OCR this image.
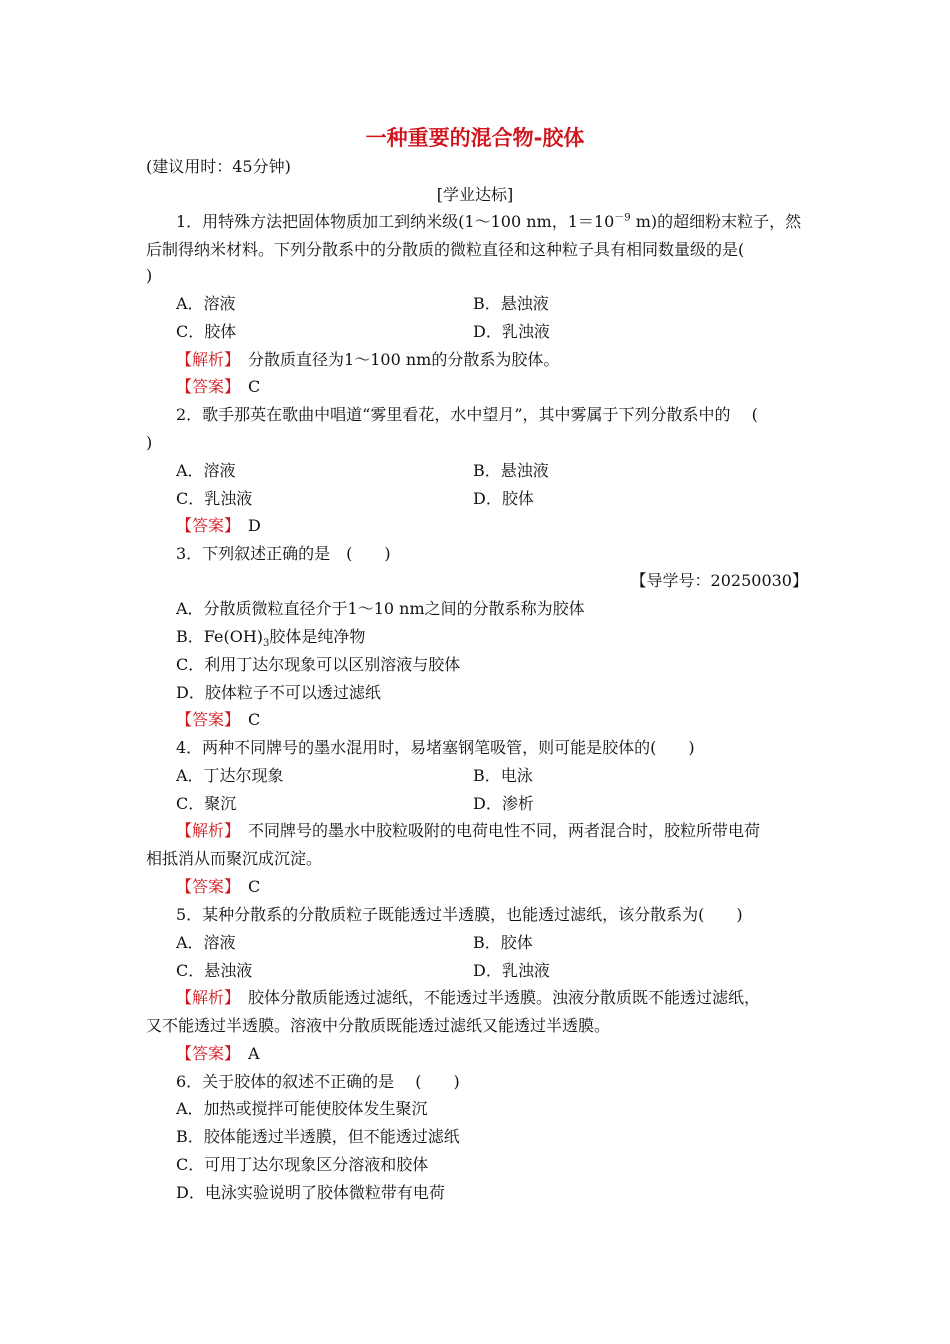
一种重要的混合物-胶体
(建议用时：45分钟)
[学业达标]
1．用特殊方法把固体物质加工到纳米级(1～100 nm，$1=10^{-9}$ m)的超细粉末粒子，然
后制得纳米材料。下列分散系中的分散质的微粒直径和这种粒子具有相同数量级的是(
)
A．溶液	B．悬浊液
C．胶体	D．乳浊液
【解析】　 分散质直径为1～100 nm的分散系为胶体。
【答案】　 C
2．歌手那英在歌曲中唱道“雾里看花，水中望月”，其中雾属于下列分散系中的　 (
)
A．溶液	B．悬浊液
C．乳浊液	D．胶体
【答案】　 D
3．下列叙述正确的是　(　　)
【导学号：20250030】
A．分散质微粒直径介于1～10 nm之间的分散系称为胶体
B．$Fe(OH)_3$胶体是纯净物
C．利用丁达尔现象可以区别溶液与胶体
D．胶体粒子不可以透过滤纸
【答案】　 C
4．两种不同牌号的墨水混用时，易堵塞钢笔吸管，则可能是胶体的(　　)
A．丁达尔现象	B．电泳
C．聚沉	D．渗析
【解析】　 不同牌号的墨水中胶粒吸附的电荷电性不同，两者混合时，胶粒所带电荷
相抵消从而聚沉成沉淀。
【答案】　 C
5．某种分散系的分散质粒子既能透过半透膜，也能透过滤纸，该分散系为(　　)
A．溶液	B．胶体
C．悬浊液	D．乳浊液
【解析】　 胶体分散质能透过滤纸，不能透过半透膜。浊液分散质既不能透过滤纸，
又不能透过半透膜。溶液中分散质既能透过滤纸又能透过半透膜。
【答案】　 A
6．关于胶体的叙述不正确的是　 (　　)
A．加热或搅拌可能使胶体发生聚沉
B．胶体能透过半透膜，但不能透过滤纸
C．可用丁达尔现象区分溶液和胶体
D．电泳实验说明了胶体微粒带有电荷
